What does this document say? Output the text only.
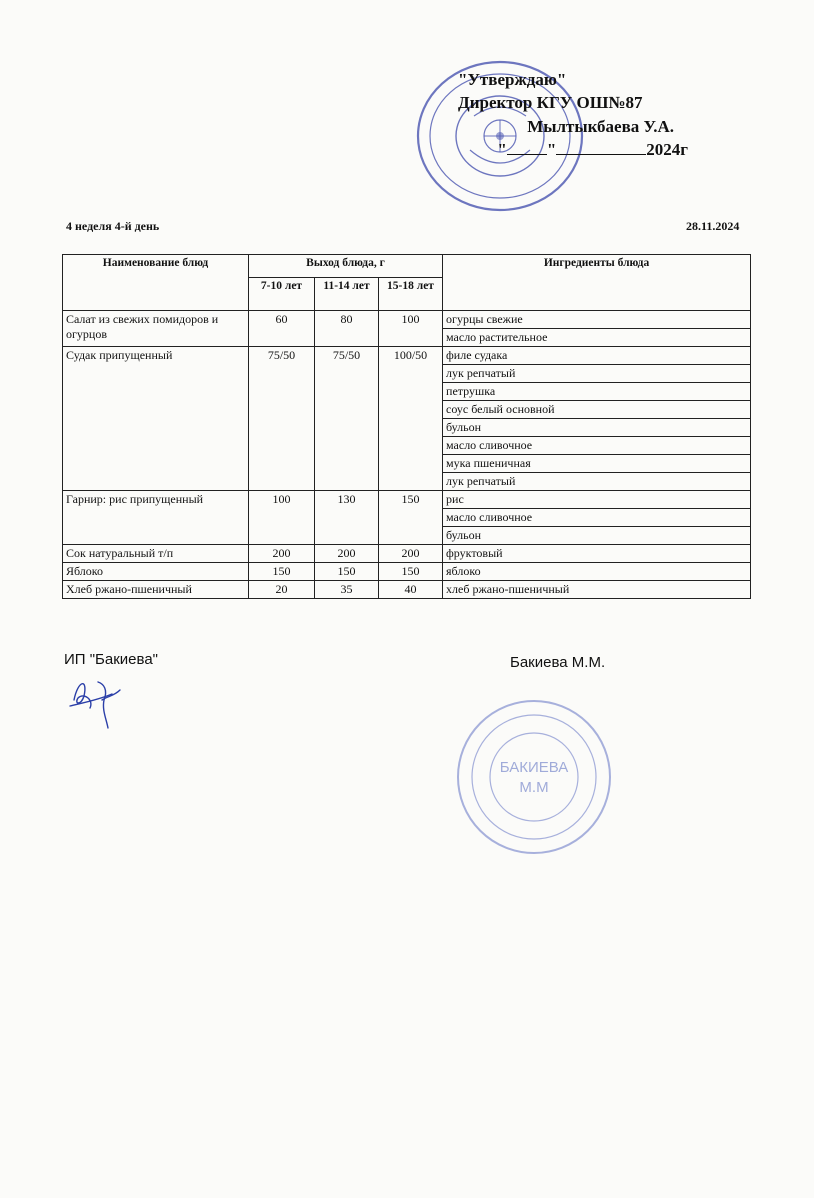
"Утверждаю"
Директор КГУ ОШ№87
Мылтыкбаева У.А.
" "	2024г
4 неделя 4-й день	28.11.2024
Наименование блюд	Выход блюда, г			Ингредиенты блюда
	7-10 лет	11-14 лет	15-18 лет	
Салат из свежих помидоров и огурцов	60	80	100	огурцы свежие
				масло растительное
Судак припущенный	75/50	75/50	100/50	филе судака
				лук репчатый
				петрушка
				соус белый основной
				бульон
				масло сливочное
				мука пшеничная
				лук репчатый
Гарнир: рис припущенный	100	130	150	рис
				масло сливочное
				бульон
Сок натуральный т/п	200	200	200	фруктовый
Яблоко	150	150	150	яблоко
Хлеб ржано-пшеничный	20	35	40	хлеб ржано-пшеничный
ИП "Бакиева"	Бакиева М.М.
БАКИЕВА
М.М
